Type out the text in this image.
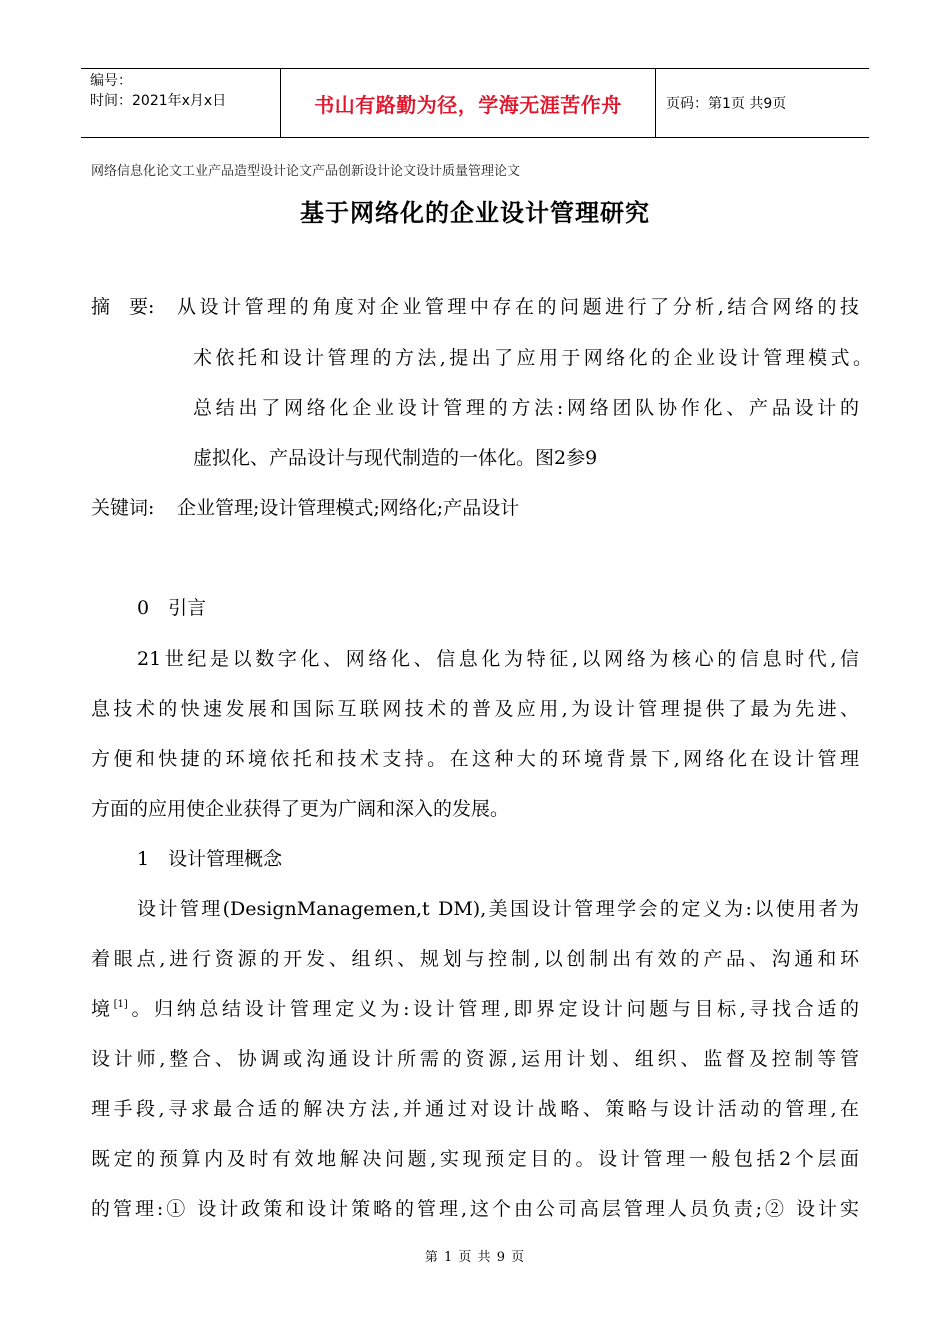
编号：
时间：2021年x月x日	书山有路勤为径，学海无涯苦作舟	页码：第1页 共9页
网络信息化论文工业产品造型设计论文产品创新设计论文设计质量管理论文
基于网络化的企业设计管理研究
摘　要: 从设计管理的角度对企业管理中存在的问题进行了分析,结合网络的技
术依托和设计管理的方法,提出了应用于网络化的企业设计管理模式。
总结出了网络化企业设计管理的方法:网络团队协作化、产品设计的
虚拟化、产品设计与现代制造的一体化。图2参9
关键词: 企业管理;设计管理模式;网络化;产品设计
0　引言
21世纪是以数字化、网络化、信息化为特征,以网络为核心的信息时代,信
息技术的快速发展和国际互联网技术的普及应用,为设计管理提供了最为先进、
方便和快捷的环境依托和技术支持。在这种大的环境背景下,网络化在设计管理
方面的应用使企业获得了更为广阔和深入的发展。
1　设计管理概念
设计管理(DesignManagemen,t DM),美国设计管理学会的定义为:以使用者为
着眼点,进行资源的开发、组织、规划与控制,以创制出有效的产品、沟通和环
境[1]。归纳总结设计管理定义为:设计管理,即界定设计问题与目标,寻找合适的
设计师,整合、协调或沟通设计所需的资源,运用计划、组织、监督及控制等管
理手段,寻求最合适的解决方法,并通过对设计战略、策略与设计活动的管理,在
既定的预算内及时有效地解决问题,实现预定目的。设计管理一般包括2个层面
的管理:① 设计政策和设计策略的管理,这个由公司高层管理人员负责;② 设计实
第 1 页 共 9 页
